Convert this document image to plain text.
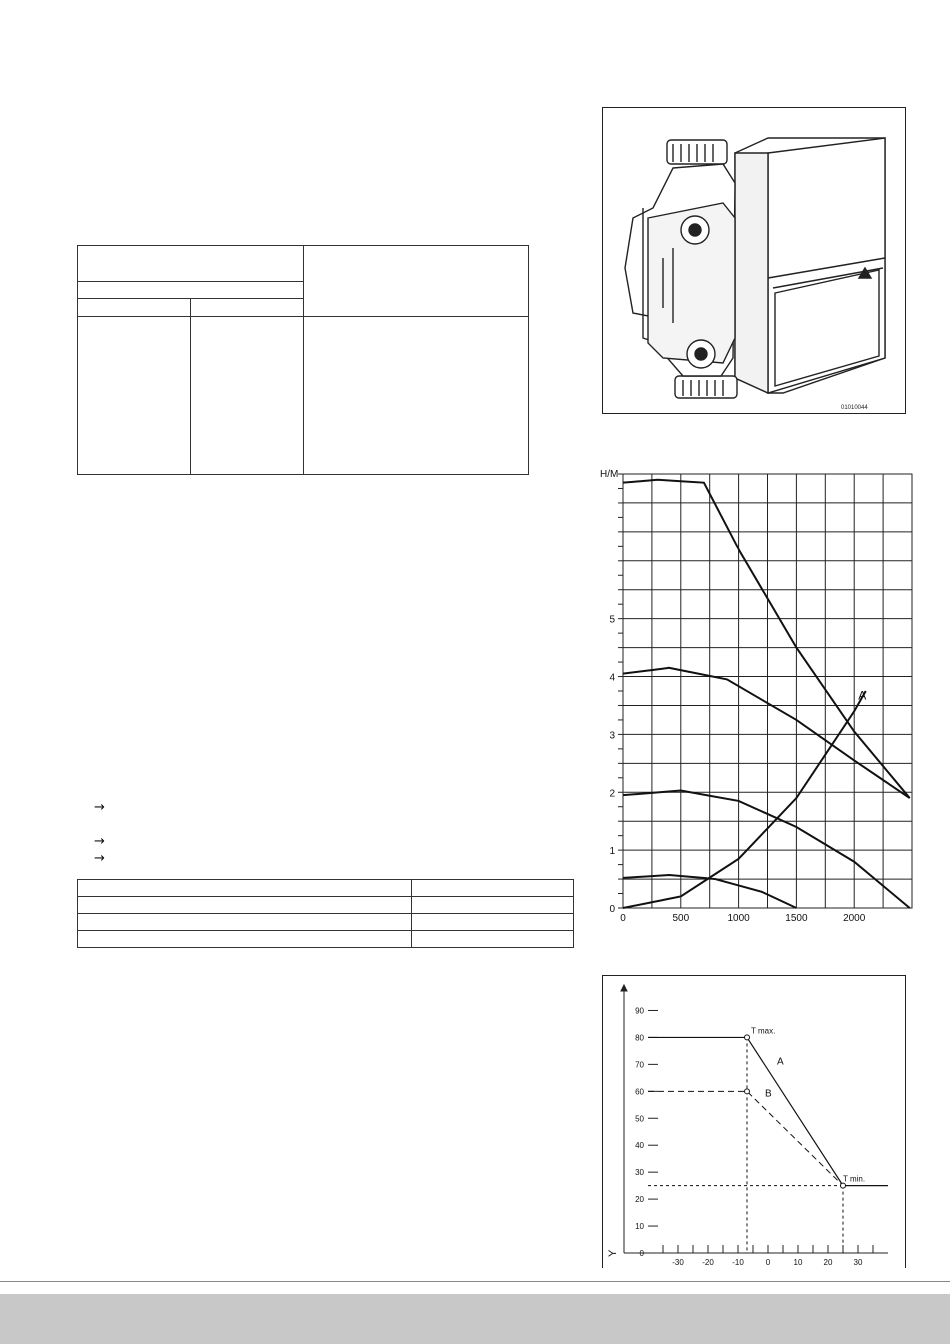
→
→
→

01010044
0	500	1000	1500	2000
0
1
2
3
4
5
H/M
A
0
10
20
30
40
50
60
70
80
90
-30 -20 -10	0	10	20	30
Y
T max.
T min.
A
B
